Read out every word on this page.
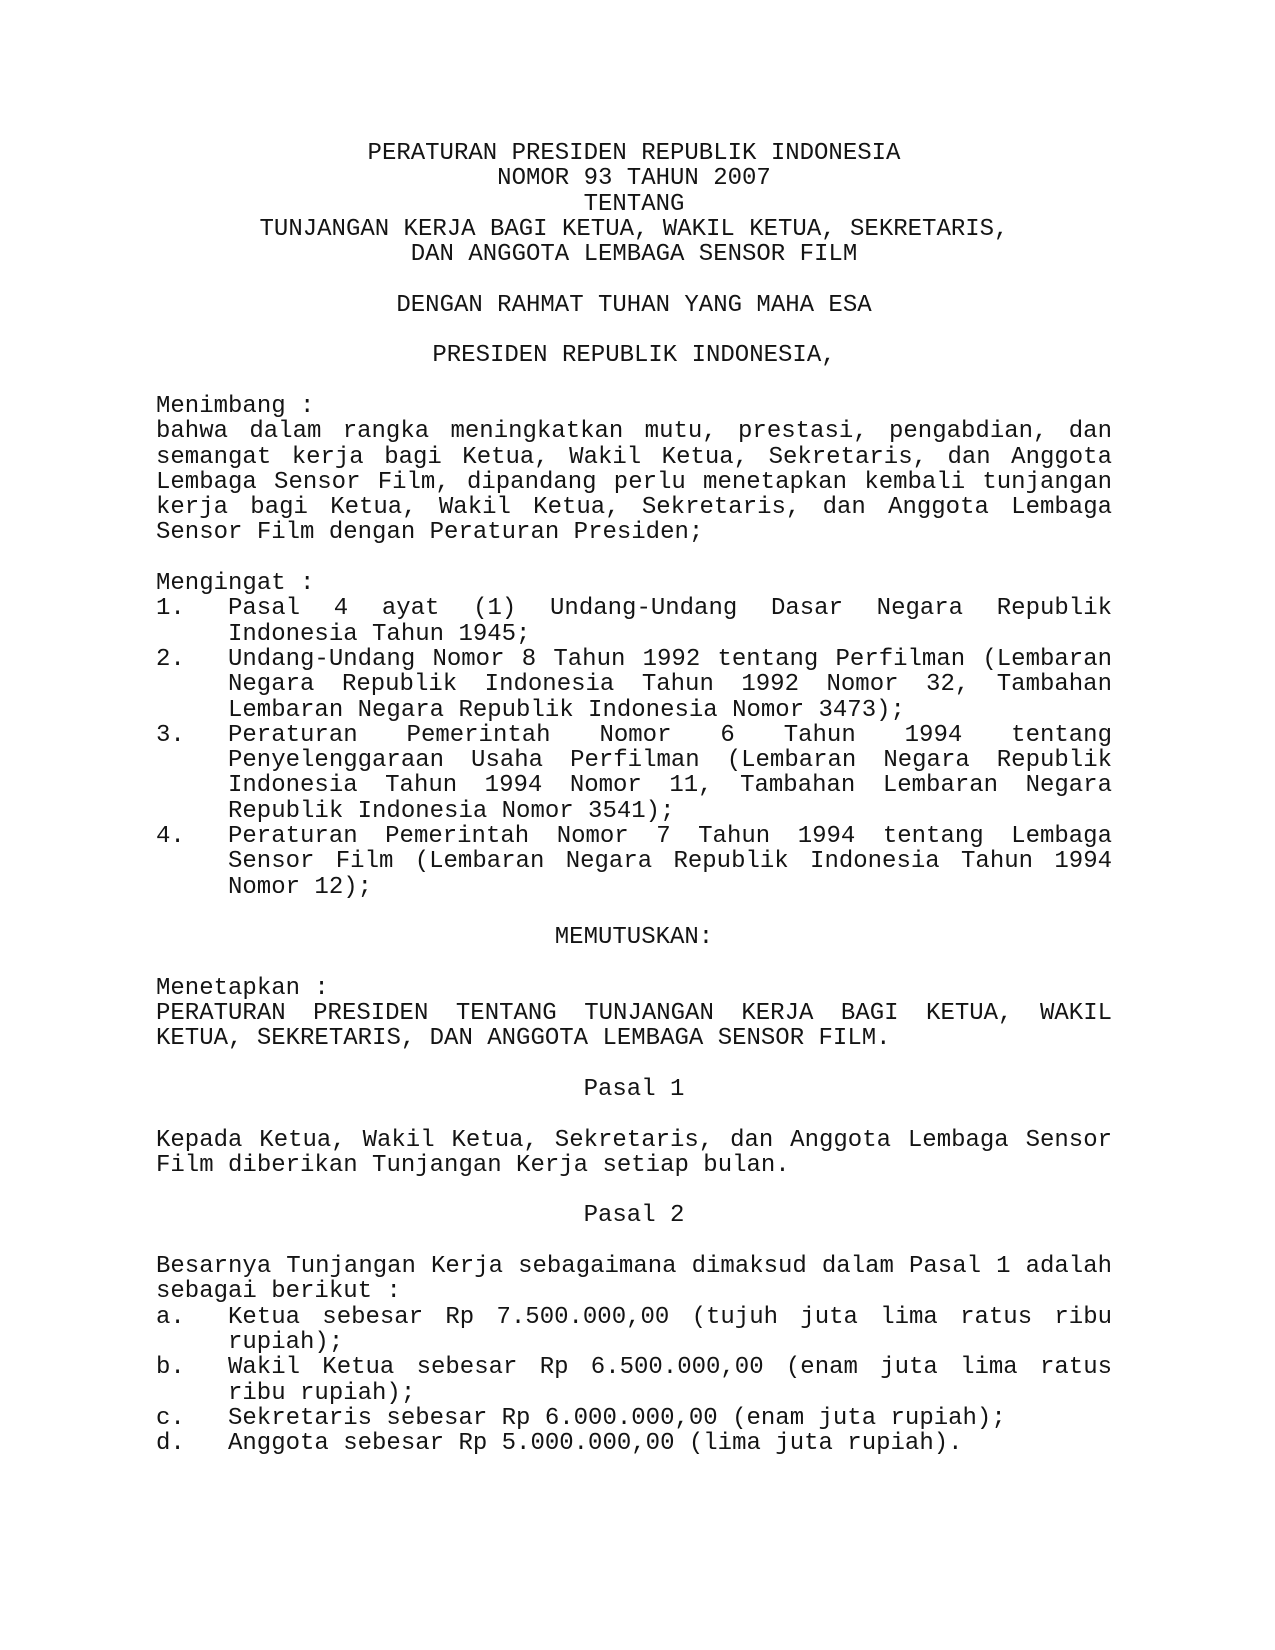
PERATURAN PRESIDEN REPUBLIK INDONESIA
NOMOR 93 TAHUN 2007
TENTANG
TUNJANGAN KERJA BAGI KETUA, WAKIL KETUA, SEKRETARIS,
DAN ANGGOTA LEMBAGA SENSOR FILM
DENGAN RAHMAT TUHAN YANG MAHA ESA
PRESIDEN REPUBLIK INDONESIA,
Menimbang :
bahwa dalam rangka meningkatkan mutu, prestasi, pengabdian, dan semangat kerja bagi Ketua, Wakil Ketua, Sekretaris, dan Anggota Lembaga Sensor Film, dipandang perlu menetapkan kembali tunjangan kerja bagi Ketua, Wakil Ketua, Sekretaris, dan Anggota Lembaga Sensor Film dengan Peraturan Presiden;
Mengingat :
1.	Pasal 4 ayat (1) Undang-Undang Dasar Negara Republik Indonesia Tahun 1945;
2.	Undang-Undang Nomor 8 Tahun 1992 tentang Perfilman (Lembaran Negara Republik Indonesia Tahun 1992 Nomor 32, Tambahan Lembaran Negara Republik Indonesia Nomor 3473);
3.	Peraturan Pemerintah Nomor 6 Tahun 1994 tentang Penyelenggaraan Usaha Perfilman (Lembaran Negara Republik Indonesia Tahun 1994 Nomor 11, Tambahan Lembaran Negara Republik Indonesia Nomor 3541);
4.	Peraturan Pemerintah Nomor 7 Tahun 1994 tentang Lembaga Sensor Film (Lembaran Negara Republik Indonesia Tahun 1994 Nomor 12);
MEMUTUSKAN:
Menetapkan :
PERATURAN PRESIDEN TENTANG TUNJANGAN KERJA BAGI KETUA, WAKIL KETUA, SEKRETARIS, DAN ANGGOTA LEMBAGA SENSOR FILM.
Pasal 1
Kepada Ketua, Wakil Ketua, Sekretaris, dan Anggota Lembaga Sensor Film diberikan Tunjangan Kerja setiap bulan.
Pasal 2
Besarnya Tunjangan Kerja sebagaimana dimaksud dalam Pasal 1 adalah sebagai berikut :
a.	Ketua sebesar Rp 7.500.000,00 (tujuh juta lima ratus ribu rupiah);
b.	Wakil Ketua sebesar Rp 6.500.000,00 (enam juta lima ratus ribu rupiah);
c.	Sekretaris sebesar Rp 6.000.000,00 (enam juta rupiah);
d.	Anggota sebesar Rp 5.000.000,00 (lima juta rupiah).
